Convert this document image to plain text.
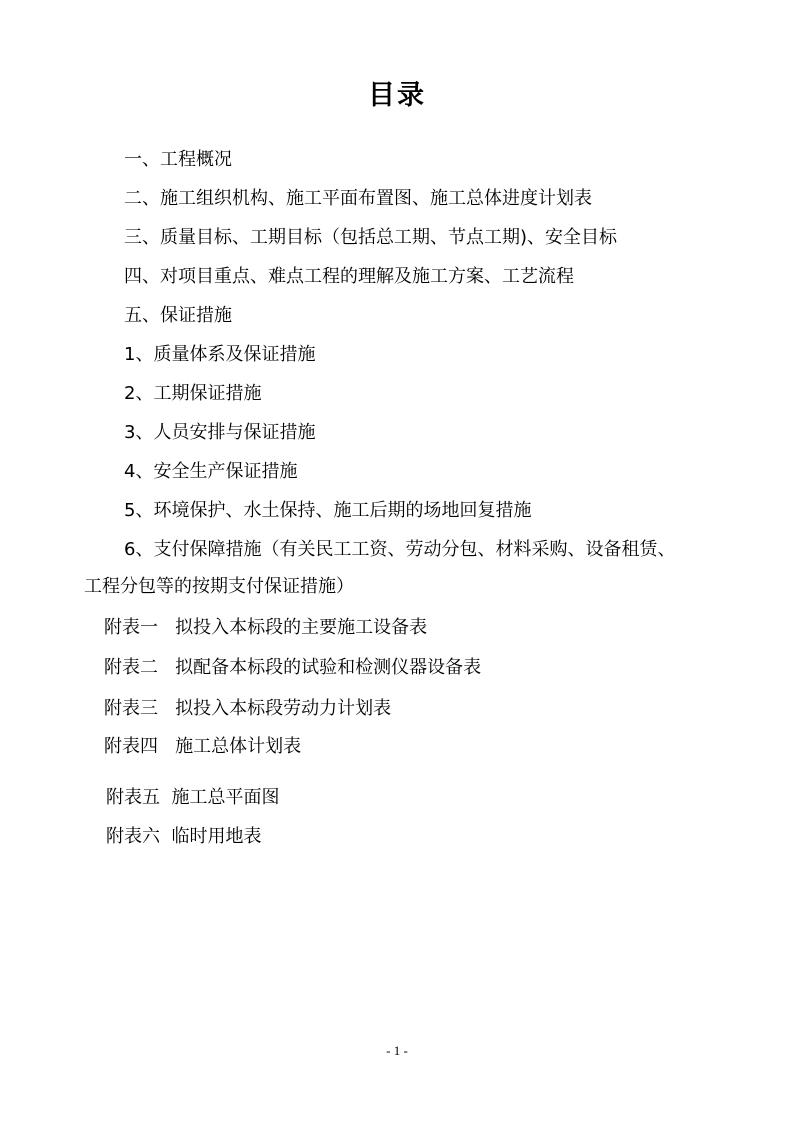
目录
一、工程概况
二、施工组织机构、施工平面布置图、施工总体进度计划表
三、质量目标、工期目标（包括总工期、节点工期)、安全目标
四、对项目重点、难点工程的理解及施工方案、工艺流程
五、保证措施
1、质量体系及保证措施
2、工期保证措施
3、人员安排与保证措施
4、安全生产保证措施
5、环境保护、水土保持、施工后期的场地回复措施
6、支付保障措施（有关民工工资、劳动分包、材料采购、设备租赁、
工程分包等的按期支付保证措施）
附表一   拟投入本标段的主要施工设备表
附表二   拟配备本标段的试验和检测仪器设备表
附表三   拟投入本标段劳动力计划表
附表四   施工总体计划表
附表五  施工总平面图
附表六  临时用地表
- 1 -
